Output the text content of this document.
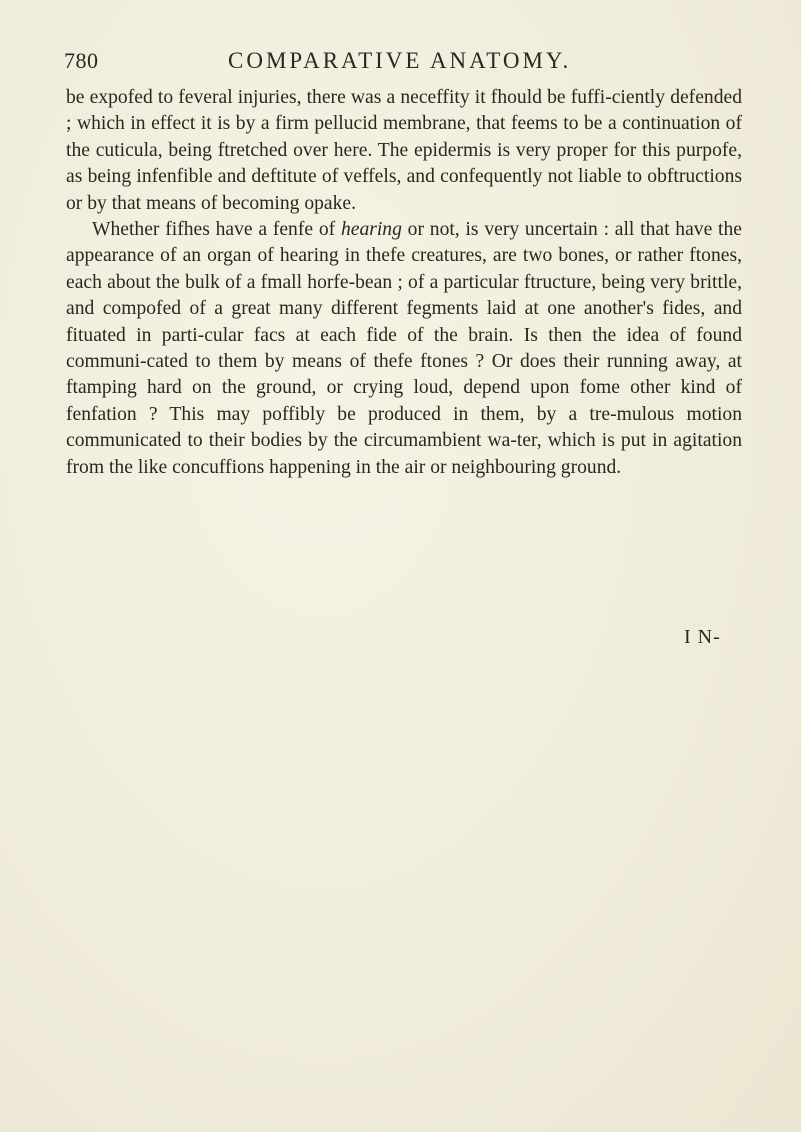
780	COMPARATIVE ANATOMY.

be expofed to feveral injuries, there was a neceffity it fhould be fuffi-ciently defended ; which in effect it is by a firm pellucid membrane, that feems to be a continuation of the cuticula, being ftretched over here. The epidermis is very proper for this purpofe, as being infenfible and deftitute of veffels, and confequently not liable to obftructions or by that means of becoming opake.

Whether fifhes have a fenfe of hearing or not, is very uncertain : all that have the appearance of an organ of hearing in thefe creatures, are two bones, or rather ftones, each about the bulk of a fmall horfe-bean ; of a particular ftructure, being very brittle, and compofed of a great many different fegments laid at one another's fides, and fituated in parti-cular facs at each fide of the brain. Is then the idea of found communi-cated to them by means of thefe ftones ? Or does their running away, at ftamping hard on the ground, or crying loud, depend upon fome other kind of fenfation ? This may poffibly be produced in them, by a tre-mulous motion communicated to their bodies by the circumambient wa-ter, which is put in agitation from the like concuffions happening in the air or neighbouring ground.

I N-
